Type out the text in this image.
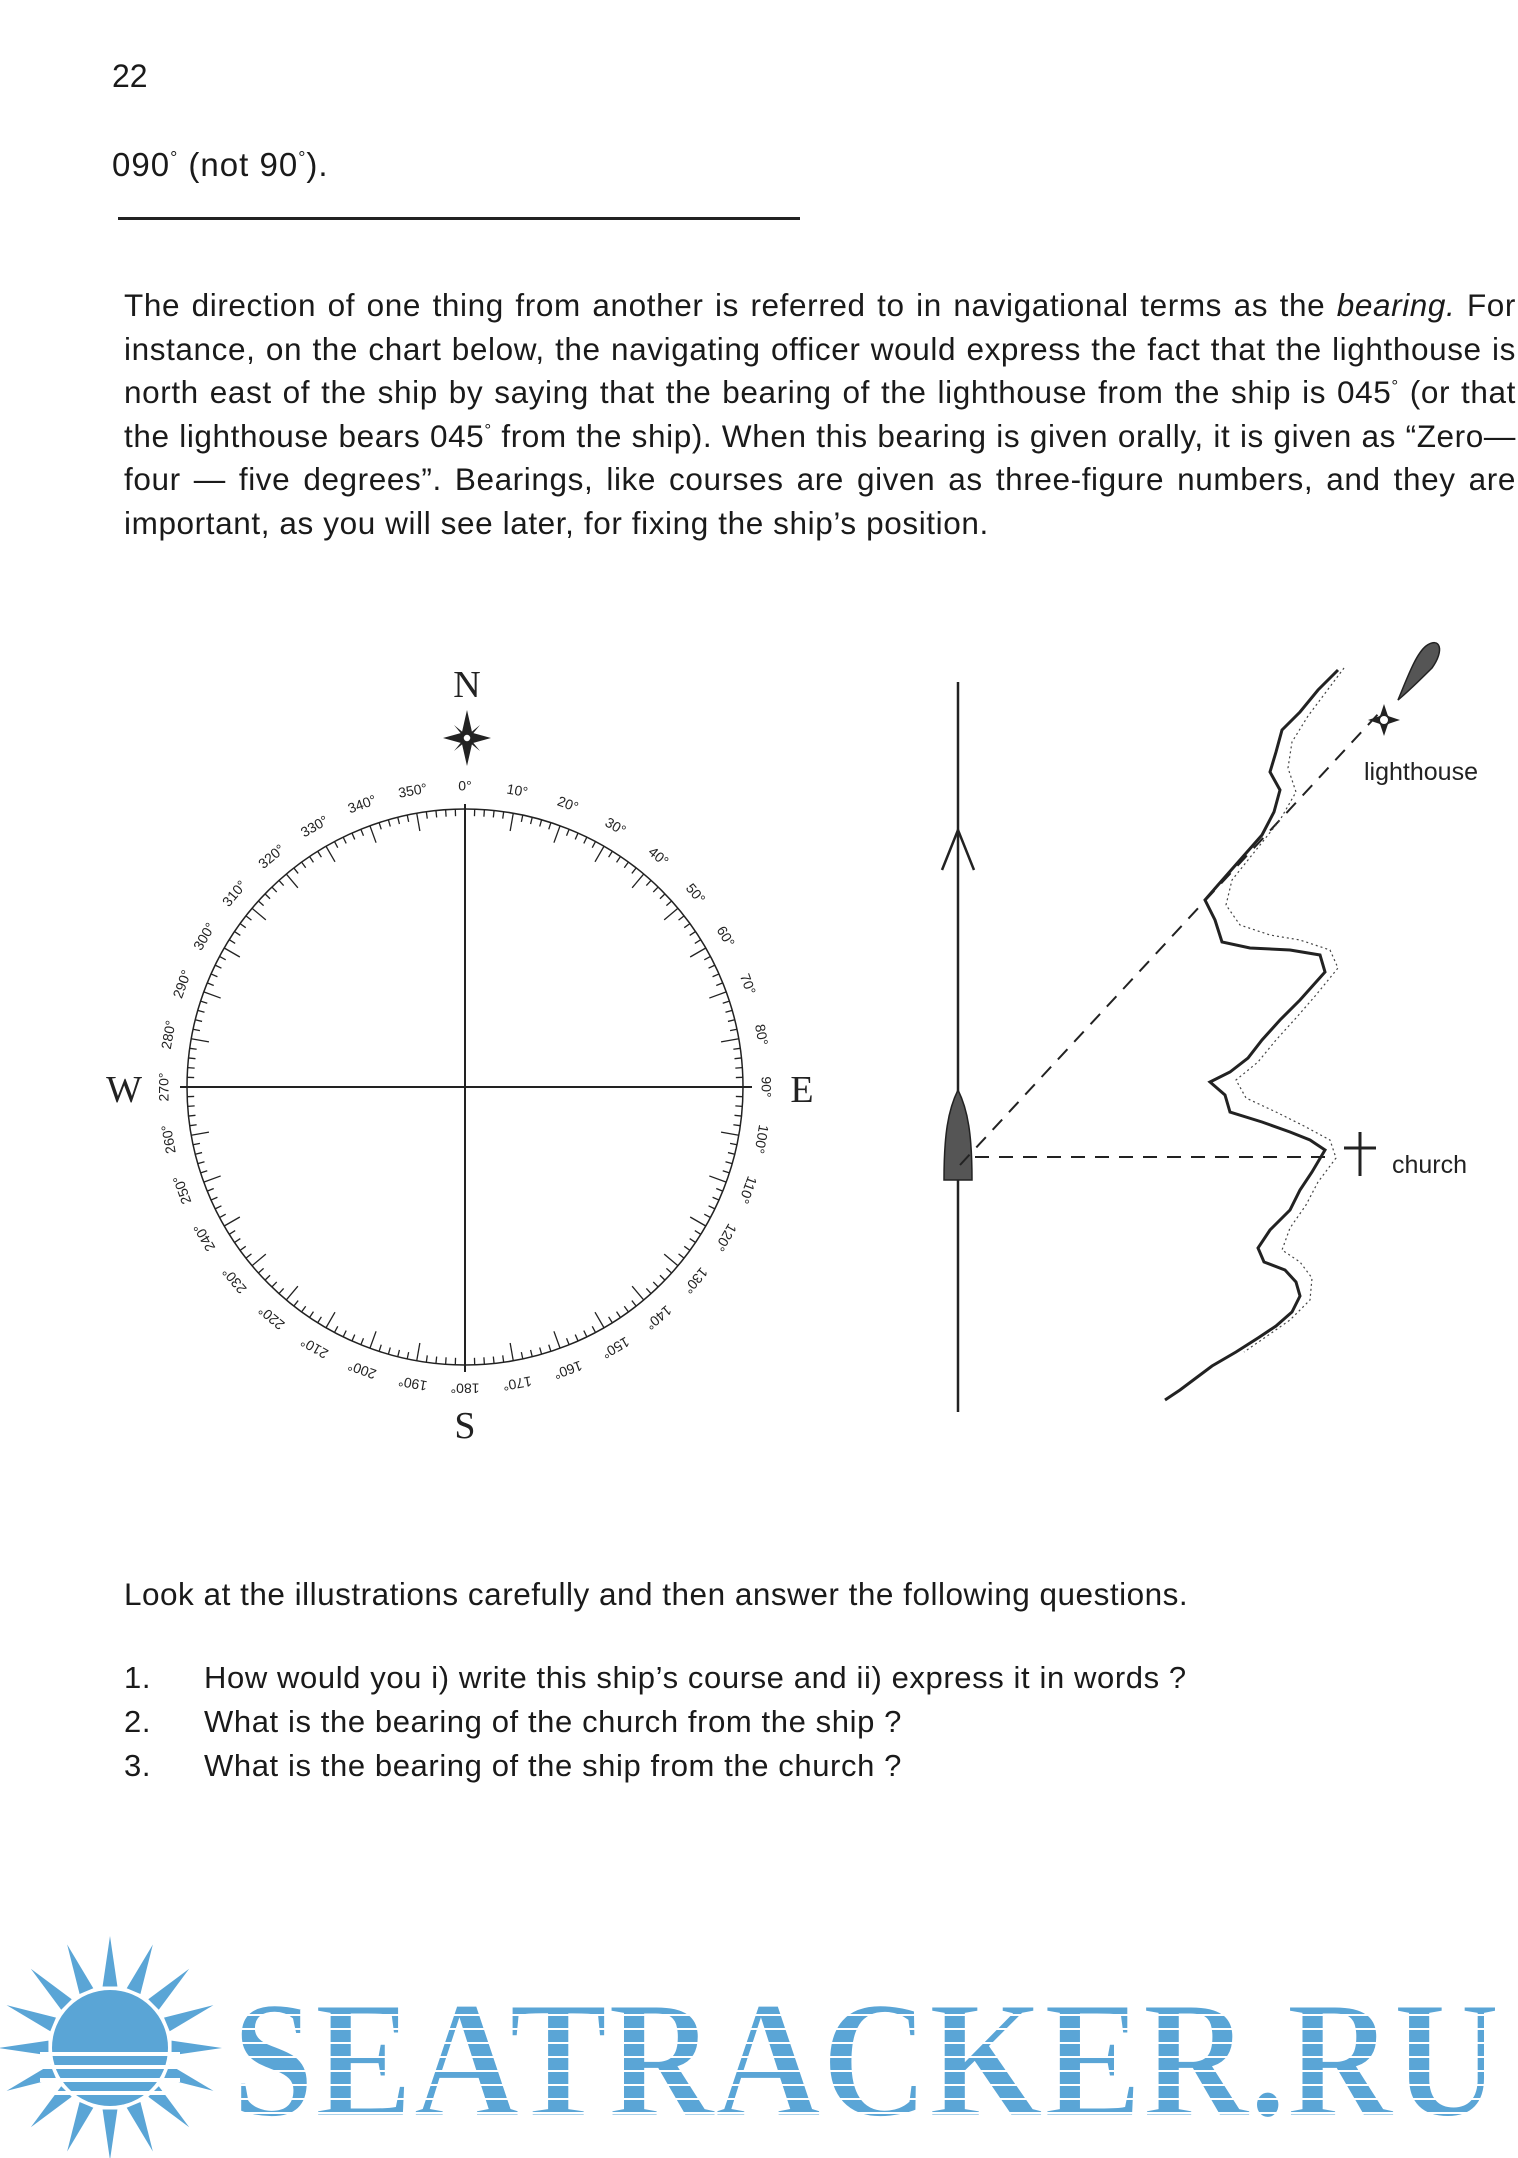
22
090° (not 90°).

The direction of one thing from another is referred to in navigational terms as the bearing. For instance, on the chart below, the navigating officer would express the fact that the lighthouse is north east of the ship by saying that the bearing of the lighthouse from the ship is 045° (or that the lighthouse bears 045° from the ship). When this bearing is given orally, it is given as “Zero— four — five degrees”. Bearings, like courses are given as three-figure numbers, and they are important, as you will see later, for fixing the ship’s position.

0° 10°
20°
30°
40°
50°
60°
70°
80°
90°
100°
110°
120°
130°
140°
150°
160°
170°
180°
190°
200°
210°
220°
230°
240°
250°
260°
270°
280°
290°
300°
310°
320°
330°
340°
350°
N
S
E
W
lighthouse
church
Look at the illustrations carefully and then answer the following questions.
1.	How would you i) write this ship’s course and ii) express it in words ?
2.	What is the bearing of the church from the ship ?
3.	What is the bearing of the ship from the church ?
SEATRACKER.RU
